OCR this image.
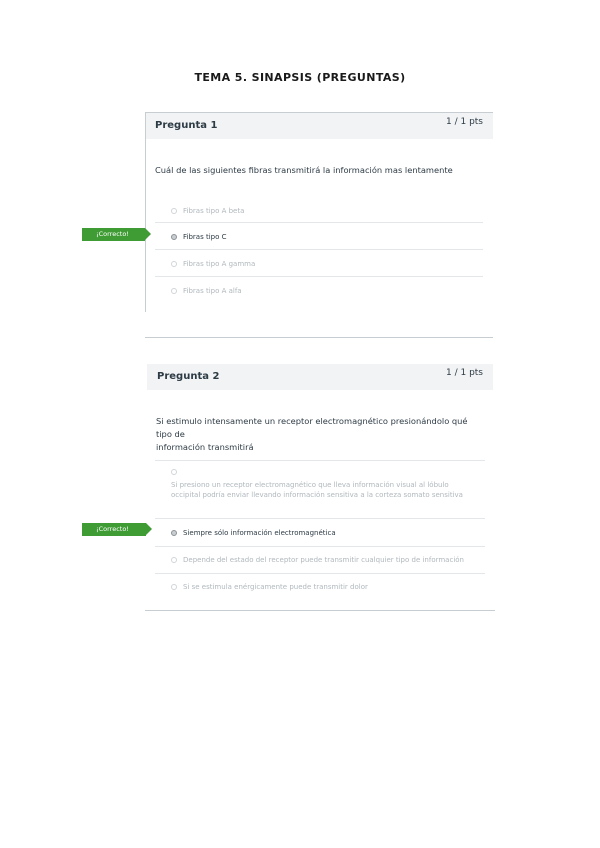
TEMA 5. SINAPSIS (PREGUNTAS)
Pregunta 1	1 / 1 pts
Cuál de las siguientes fibras transmitirá la información mas lentamente
Fibras tipo A beta
¡Correcto!	Fibras tipo C
Fibras tipo A gamma
Fibras tipo A alfa
Pregunta 2	1 / 1 pts
Si estimulo intensamente un receptor electromagnético presionándolo qué tipo de
información transmitirá
Si presiono un receptor electromagnético que lleva información visual al lóbulo
occipital podría enviar llevando información sensitiva a la corteza somato sensitiva
¡Correcto!	Siempre sólo información electromagnética
Depende del estado del receptor puede transmitir cualquier tipo de información
Si se estimula enérgicamente puede transmitir dolor
